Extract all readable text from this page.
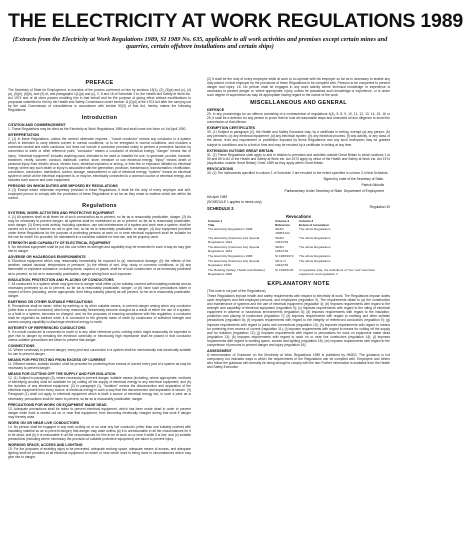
THE ELECTRICITY AT WORK REGULATIONS 1989
(Extracts from the Electricity at Work Regulations 1989, SI 1989 No. 635, applicable to all work activities and premises except certain mines and quarries, certain offshore installations and certain ships)
PREFACE
The Secretary of State for Employment, in exercise of the powers conferred on him by sections 15(1), (2), (3)(a) and (c), (4)(a), (5)(b), (6)(b), and (9) of, and paragraphs 1(1)(a) and (c), 2, 5 and 16 of Schedule 3 to, the Health and Safety at Work etc. Act 1974 and of all other powers enabling him in that behalf and for the purpose of giving effect without modifications to proposals submitted to him by the Health and Safety Commission under section 11(2)(d) of the 1974 Act after the carrying out by the said Commission of consultations in accordance with section 50(3) of that Act, hereby makes the following Regulations.
Introduction
CITATION AND COMMENCEMENT
1. These Regulations may be cited as the Electricity at Work Regulations 1989 and shall come into force on 1st April 1990.
INTERPRETATION
2. (1) In these Regulations, unless the context otherwise requires - "circuit conductor" means any conductor in a system which is intended to carry electric current in normal conditions, or to be energised in normal conditions, and includes a combined neutral and earth conductor, but does not include a conductor provided solely to perform a protective function by connection to earth or other reference point; "conductor" means a conductor of electrical energy; "danger" means risk of injury; "electrical equipment" includes anything used, intended to be used or installed for use, to generate, provide, transmit, transform, rectify, convert, conduct, distribute, control, store, measure or use electrical energy; "injury" means death or personal injury from electric shock, electric burn, electrical explosion or arcing, or from fire or explosion initiated by electrical energy, where any such death or injury is associated with the generation, provision, transmission, transformation, rectification, conversion, conduction, distribution, control, storage, measurement or use of electrical energy; "system" means an electrical system in which all the electrical equipment is, or may be, electrically connected to a common source of electrical energy, and includes such source and such equipment.
PERSONS ON WHOM DUTIES ARE IMPOSED BY REGULATIONS
3. (1) Except where otherwise expressly provided in these Regulations, it shall be the duty of every employer and self-employed person to comply with the provisions of these Regulations in so far as they relate to matters which are within his control.
Regulations
SYSTEMS, WORK ACTIVITIES AND PROTECTIVE EQUIPMENT
4. (1) All systems shall at all times be of such construction as to prevent, so far as is reasonably practicable, danger. (2) As may be necessary to prevent danger, all systems shall be maintained so as to prevent, so far as is reasonably practicable, such danger. (3) Every work activity, including operation, use and maintenance of a system and work near a system, shall be carried out in such a manner as not to give rise, so far as is reasonably practicable, to danger. (4) Any equipment provided under these Regulations for the purpose of protecting persons at work on or near electrical equipment shall be suitable for the use for which it is provided, be maintained in a condition suitable for that use, and be properly used.
STRENGTH AND CAPABILITY OF ELECTRICAL EQUIPMENT
5. No electrical equipment shall be put into use where its strength and capability may be exceeded in such a way as may give rise to danger.
ADVERSE OR HAZARDOUS ENVIRONMENTS
6. Electrical equipment which may reasonably foreseeably be exposed to (a) mechanical damage; (b) the effects of the weather, natural hazards, temperature or pressure; (c) the effects of wet, dirty, dusty or corrosive conditions; or (d) any flammable or explosive substance, including dusts, vapours or gases, shall be of such construction or as necessary protected as to prevent, so far as is reasonably practicable, danger arising from such exposure.
INSULATION, PROTECTION AND PLACING OF CONDUCTORS
7. All conductors in a system which may give rise to danger shall either (a) be suitably covered with insulating material and as necessary protected so as to prevent, so far as is reasonably practicable, danger; or (b) have such precautions taken in respect of them (including, where appropriate, their being suitably placed) as will prevent, so far as is reasonably practicable, danger.
EARTHING OR OTHER SUITABLE PRECAUTIONS
8. Precautions shall be taken, either by earthing or by other suitable means, to prevent danger arising when any conductor (other than a circuit conductor) which may reasonably foreseeably become charged as a result of either the use of a system, or a fault in a system, becomes so charged; and, for the purposes of ensuring compliance with this regulation, a conductor shall be regarded as earthed when it is connected to the general mass of earth by conductors of sufficient strength and current-carrying capability to discharge electrical energy to earth.
INTEGRITY OF REFERENCED CONDUCTORS
9. If a circuit conductor is connected to earth or to any other reference point, nothing which might reasonably be expected to give rise to danger by breaking the electrical continuity or introducing high impedance shall be placed in that conductor unless suitable precautions are taken to prevent that danger.
CONNECTIONS
10. Where necessary to prevent danger, every joint and connection in a system shall be mechanically and electrically suitable for use to prevent danger.
MEANS FOR PROTECTING FROM EXCESS OF CURRENT
11. Efficient means, suitably located, shall be provided for protecting from excess of current every part of a system as may be necessary to prevent danger.
MEANS FOR CUTTING OFF THE SUPPLY AND FOR ISOLATION
12. (1) Subject to paragraph (3), where necessary to prevent danger, suitable means (including, where appropriate, methods of identifying circuits) shall be available for (a) cutting off the supply of electrical energy to any electrical equipment; and (b) the isolation of any electrical equipment. (2) In paragraph (1), "isolation" means the disconnection and separation of the electrical equipment from every source of electrical energy in such a way that this disconnection and separation is secure. (3) Paragraph (1) shall not apply to electrical equipment which is itself a source of electrical energy but, in such a case as is necessary, precautions shall be taken to prevent, so far as is reasonably practicable, danger.
PRECAUTIONS FOR WORK ON EQUIPMENT MADE DEAD
13. Adequate precautions shall be taken to prevent electrical equipment, which has been made dead in order to prevent danger while work is carried out on or near that equipment, from becoming electrically charged during that work if danger may thereby arise.
WORK ON OR NEAR LIVE CONDUCTORS
14. No person shall be engaged in any work activity on or so near any live conductor (other than one suitably covered with insulating material so as to prevent danger) that danger may arise unless (a) it is unreasonable in all the circumstances for it to be dead; and (b) it is reasonable in all the circumstances for him to be at work on or near it while it is live; and (c) suitable precautions (including where necessary the provision of suitable protective equipment) are taken to prevent injury.
WORKING SPACE, ACCESS AND LIGHTING
15. For the purposes of enabling injury to be prevented, adequate working space, adequate means of access, and adequate lighting shall be provided at all electrical equipment on which or near which work is being done in circumstances which may give rise to danger.
(2) It shall be the duty of every employee while at work to co-operate with his employer so far as is necessary to enable any duty placed on that employer by the provisions of these Regulations to be complied with. Persons to be competent to prevent danger and injury: 16. No person shall be engaged in any work activity where technical knowledge or experience is necessary to prevent danger or, where appropriate, injury, unless he possesses such knowledge or experience, or is under such degree of supervision as may be appropriate having regard to the nature of the work.
MISCELLANEOUS AND GENERAL
DEFENCE
29. In any proceedings for an offence consisting of a contravention of regulations 4(4), 5, 8, 9, 10, 11, 12, 13, 14, 15, 16 or 25, it shall be a defence for any person to prove that he took all reasonable steps and exercised all due diligence to avoid the commission of that offence.
EXEMPTION CERTIFICATES
30. (1) Subject to paragraph (2), the Health and Safety Executive may, by a certificate in writing, exempt (a) any person; (b) any premises; (c) any electrical equipment; (d) any electrical system; (e) any electrical process; (f) any activity, or any class of the above, from any requirement or prohibition imposed by these Regulations and any such exemption may be granted subject to conditions and to a limit of time and may be revoked by a certificate in writing at any time.
EXTENSION OUTSIDE GREAT BRITAIN
31. (1) These Regulations shall apply to and in relation to premises and activities outside Great Britain to which sections 1 to 59 and 80 to 82 of the Health and Safety at Work etc. Act 1974 apply by virtue of the Health and Safety at Work etc. Act 1974 (Application outside Great Britain) Order 1989 as they apply within Great Britain.
REVOCATIONS
33. (1) The instruments specified in column 1 of Schedule 2 are revoked to the extent specified in column 3 of that Schedule.
Signed by order of the Secretary of State.
Patrick Nicholls
Parliamentary Under Secretary of State, Department of Employment
6th April 1989
(SCHEDULE 1 applies to mines only)
SCHEDULE 2	Regulation 33
Revocations
Column 1	Column 2	Column 3
Title	Reference	Extent of revocation
The Electricity Regulations 1908	SR&O 1908/1312	The whole Regulations
The Electricity (Factories Act) Special Regulations 1944	SR&O 1944/739	The whole Regulations
The Electricity (Factories Act) Special Regulations 1944	SR&O 1944/739	The whole Regulations
The Electricity Regulations 1988	SI 1988/1972	The whole Regulations
The Electricity (Factories Act) Special Regulation 1944	SR & O 1944/739	The whole Regulations
The Building (Safety, Health and Welfare) Regulations 1948	SI 1948/1145	In regulation 2(a), the definitions of "live" and "electrical equipment" and regulation 4
EXPLANATORY NOTE
(This note is not part of the Regulations)
These Regulations impose health and safety requirements with respect to electricity at work. The Regulations impose duties upon employers and self-employed persons, and employees (regulation 3). The requirements relate to (a) the construction and maintenance of systems and the use of electrical equipment (regulation 4); (b) imposes requirements with regard to the strength and capability of electrical equipment (regulation 5); (c) imposes requirements with regard to the siting of electrical equipment in adverse or hazardous environments (regulation 6); (d) imposes requirements with regard to the insulation, protection and placing of conductors (regulation 7); (e) imposes requirements with regard to earthing and other suitable precautions (regulation 8); (f) imposes requirements with regard to the integrity of referenced conductors (regulation 9); (g) imposes requirements with regard to joints and connections (regulation 10); (h) imposes requirements with regard to means for protecting from excess of current (regulation 11); (i) imposes requirements with regard to means for cutting off the supply and for isolation (regulation 12); (j) imposes requirements with regard to precautions for work on equipment made dead (regulation 13); (k) imposes requirements with regard to work on or near live conductors (regulation 14); (l) imposes requirements with regard to working space, access and lighting (regulation 15); (m) imposes requirements with regard to the competence of persons to prevent danger and injury (regulation 16).
ASSESSMENT
A memorandum of Guidance on the Electricity at Work Regulations 1989 is published by HMSO. The guidance is not compulsory but indicates ways in which the requirements of the Regulations can be complied with. Employers and others who follow the guidance will normally be doing enough to comply with the law. Further information is available from the Health and Safety Executive.
